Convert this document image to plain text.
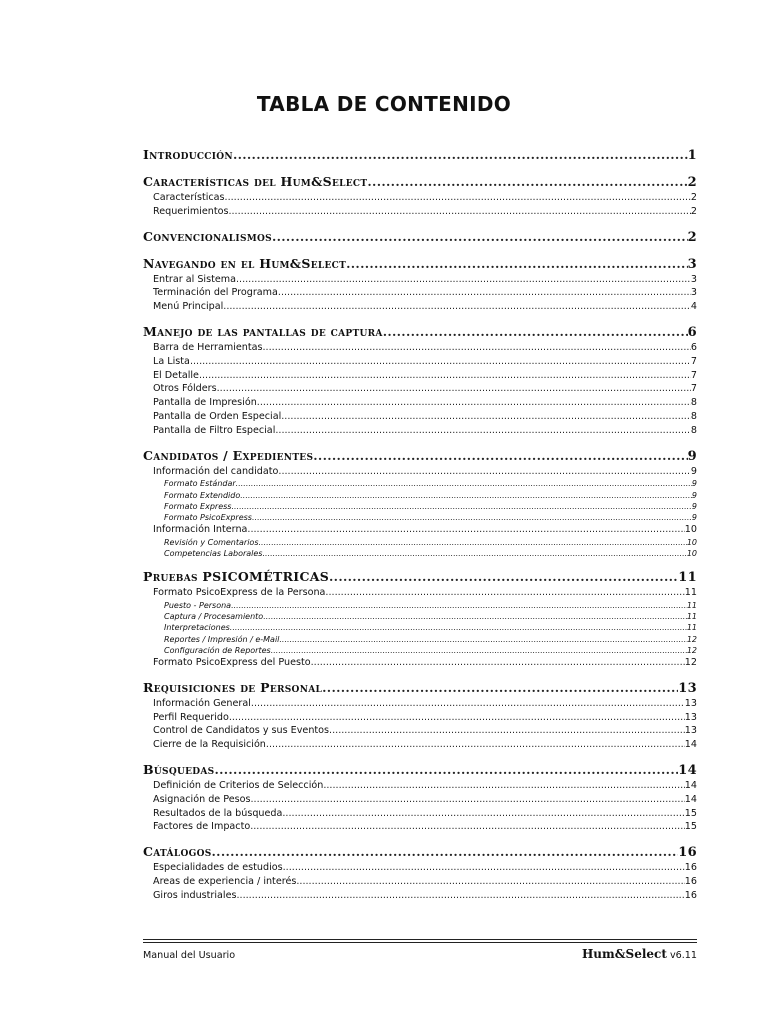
TABLA DE CONTENIDO
Introducción .....	1
Características del Hum&Select .....	2
Características .....	2
Requerimientos .....	2
Convencionalismos .....	2
Navegando en el Hum&Select .....	3
Entrar al Sistema .....	3
Terminación del Programa .....	3
Menú Principal .....	4
Manejo de las pantallas de captura .....	6
Barra de Herramientas .....	6
La Lista .....	7
El Detalle .....	7
Otros Fólders .....	7
Pantalla de Impresión .....	8
Pantalla de Orden Especial .....	8
Pantalla de Filtro Especial .....	8
Candidatos / Expedientes .....	9
Información del candidato .....	9
Formato Estándar .....	9
Formato Extendido .....	9
Formato Express .....	9
Formato PsicoExpress .....	9
Información Interna .....	10
Revisión y Comentarios .....	10
Competencias Laborales .....	10
Pruebas PSICOMÉTRICAS .....	11
Formato PsicoExpress de la Persona .....	11
Puesto - Persona .....	11
Captura / Procesamiento .....	11
Interpretaciones .....	11
Reportes / Impresión / e-Mail .....	12
Configuración de Reportes .....	12
Formato PsicoExpress del Puesto .....	12
Requisiciones de Personal .....	13
Información General .....	13
Perfil Requerido .....	13
Control de Candidatos y sus Eventos .....	13
Cierre de la Requisición .....	14
Búsquedas .....	14
Definición de Criterios de Selección .....	14
Asignación de Pesos .....	14
Resultados de la búsqueda .....	15
Factores de Impacto .....	15
Catálogos .....	16
Especialidades de estudios .....	16
Areas de experiencia / interés .....	16
Giros industriales .....	16
Manual del Usuario	Hum&Select v6.11
